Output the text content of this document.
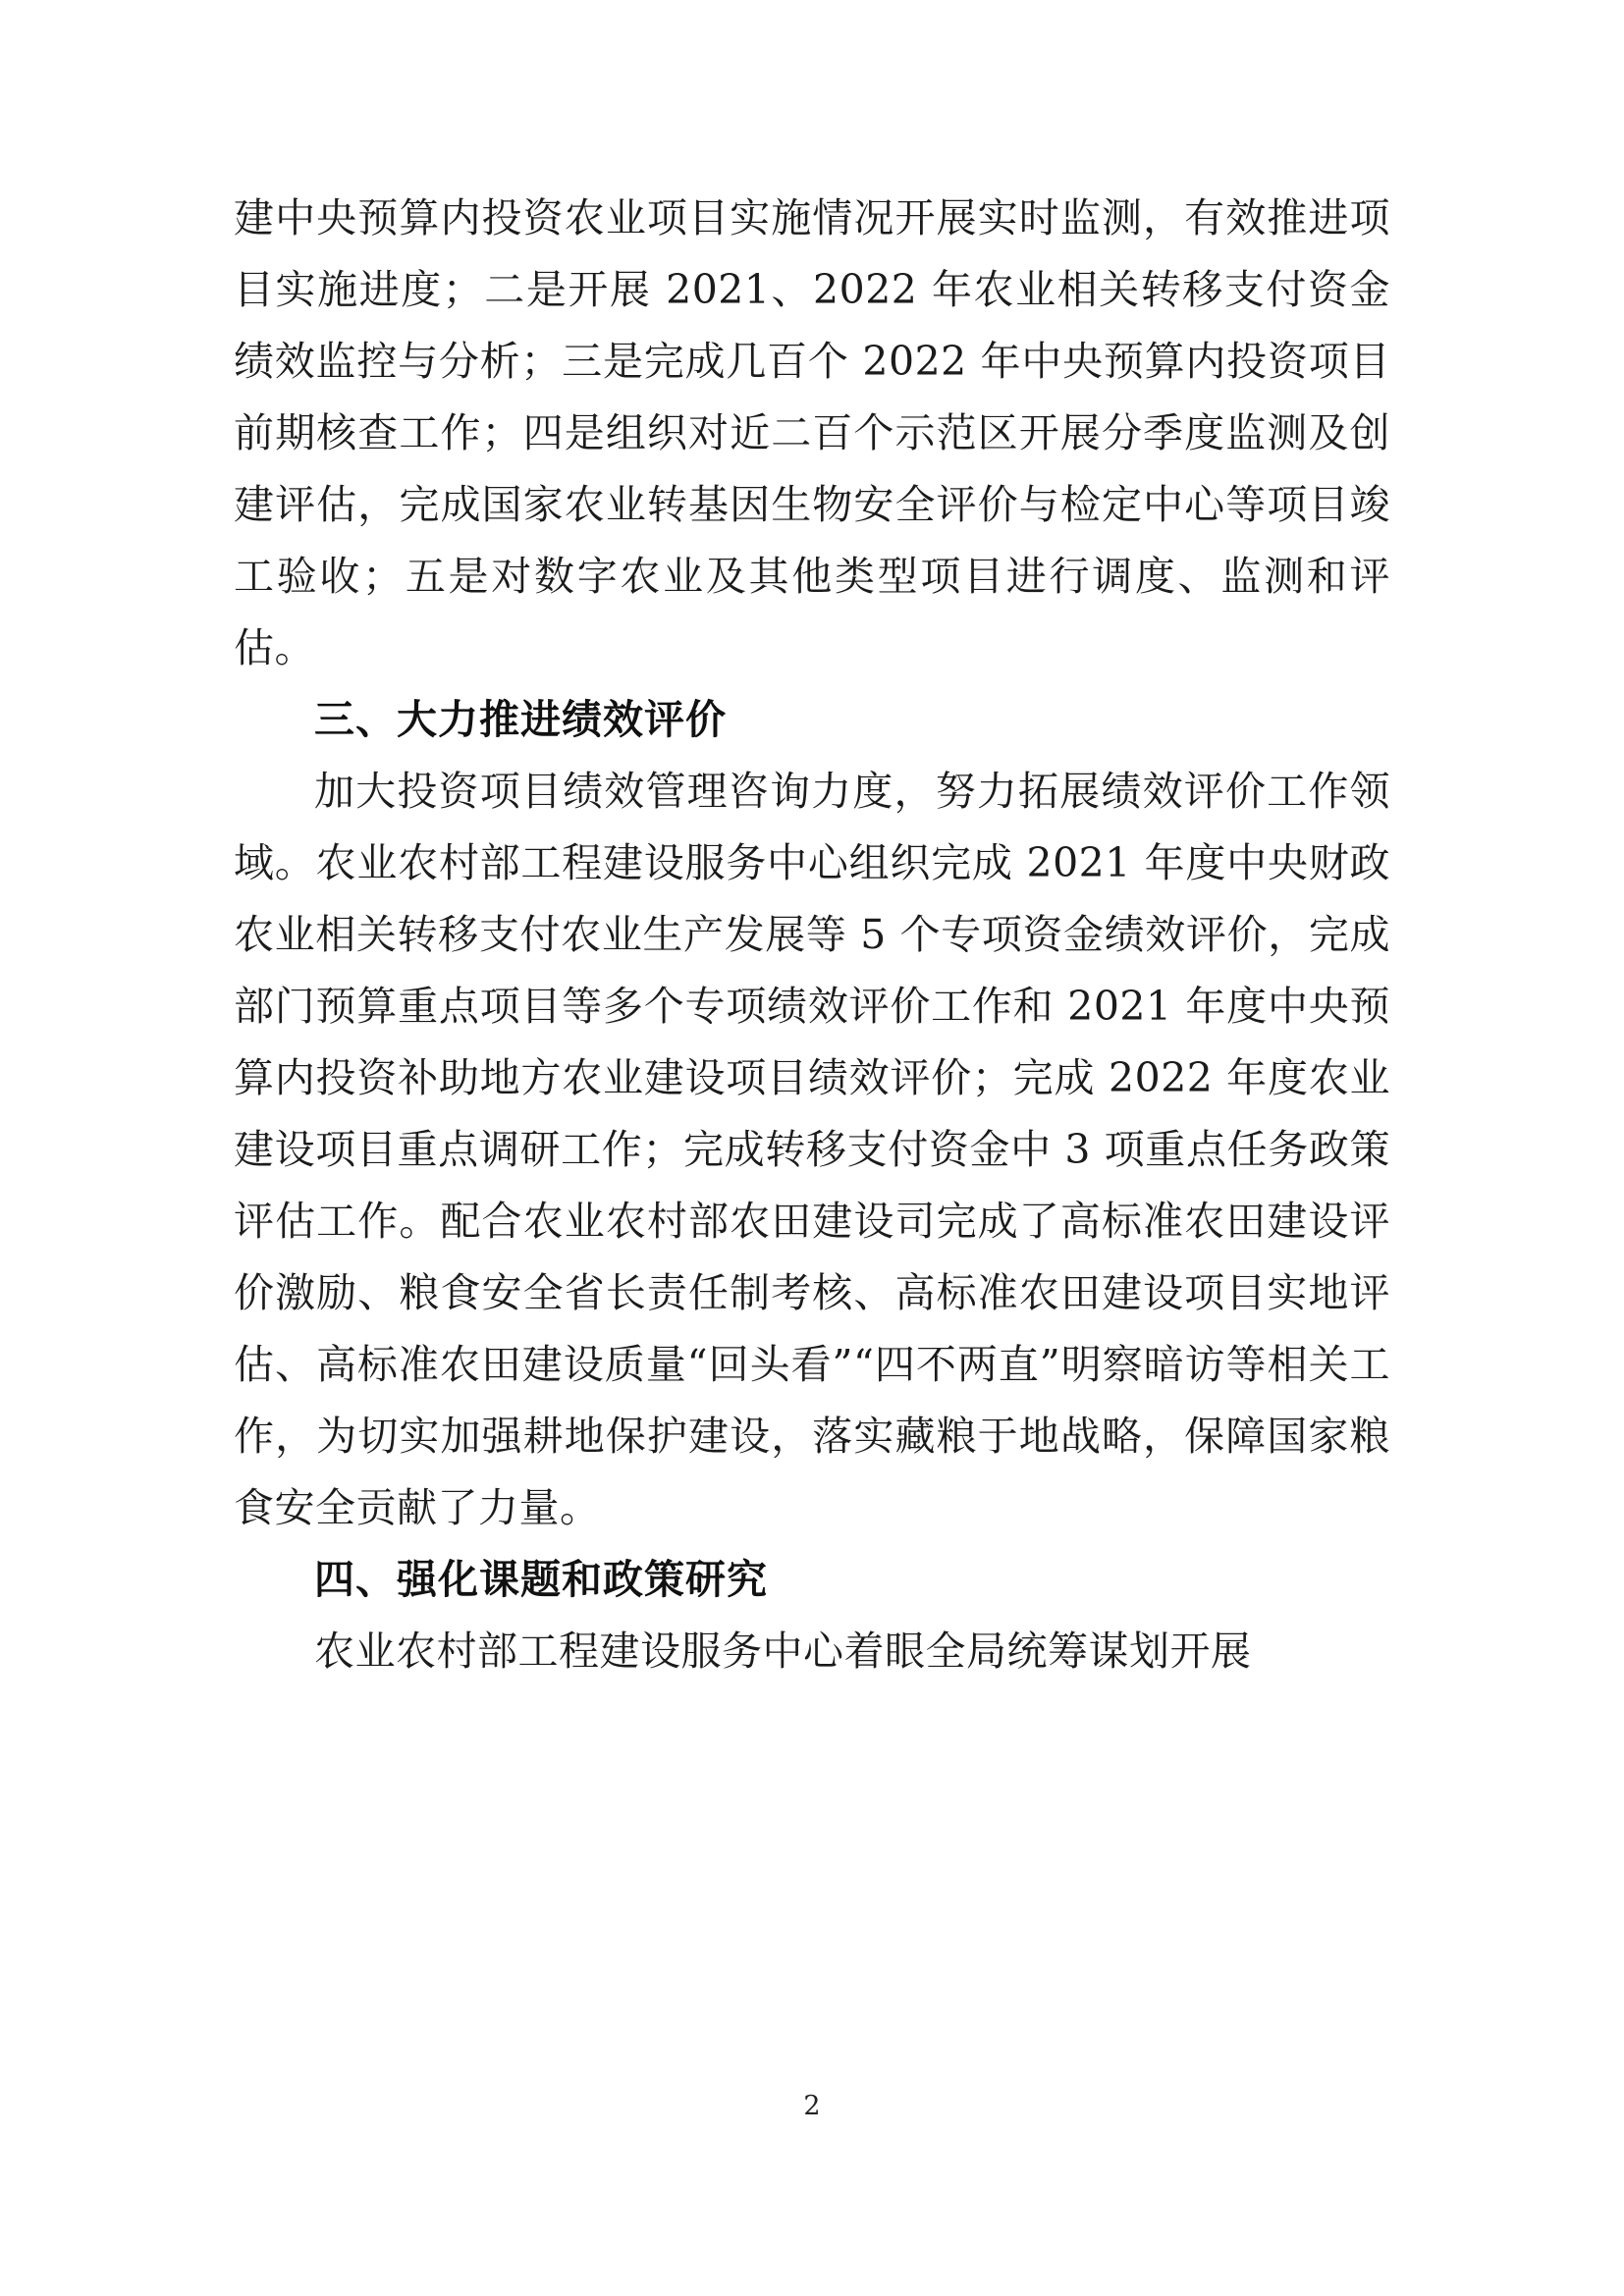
建中央预算内投资农业项目实施情况开展实时监测，有效推进项目实施进度；二是开展 2021、2022 年农业相关转移支付资金绩效监控与分析；三是完成几百个 2022 年中央预算内投资项目前期核查工作；四是组织对近二百个示范区开展分季度监测及创建评估，完成国家农业转基因生物安全评价与检定中心等项目竣工验收；五是对数字农业及其他类型项目进行调度、监测和评估。

三、大力推进绩效评价

加大投资项目绩效管理咨询力度，努力拓展绩效评价工作领域。农业农村部工程建设服务中心组织完成 2021 年度中央财政农业相关转移支付农业生产发展等 5 个专项资金绩效评价，完成部门预算重点项目等多个专项绩效评价工作和 2021 年度中央预算内投资补助地方农业建设项目绩效评价；完成 2022 年度农业建设项目重点调研工作；完成转移支付资金中 3 项重点任务政策评估工作。配合农业农村部农田建设司完成了高标准农田建设评价激励、粮食安全省长责任制考核、高标准农田建设项目实地评估、高标准农田建设质量“回头看”“四不两直”明察暗访等相关工作，为切实加强耕地保护建设，落实藏粮于地战略，保障国家粮食安全贡献了力量。

四、强化课题和政策研究

农业农村部工程建设服务中心着眼全局统筹谋划开展

2
